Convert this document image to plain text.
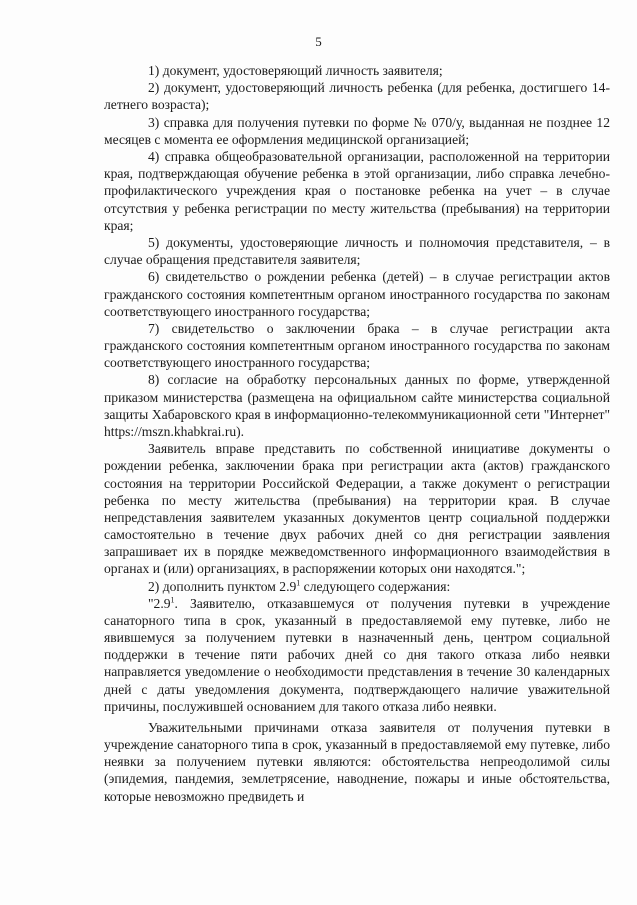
5

1) документ, удостоверяющий личность заявителя;

2) документ, удостоверяющий личность ребенка (для ребенка, достигшего 14-летнего возраста);

3) справка для получения путевки по форме № 070/у, выданная не позднее 12 месяцев с момента ее оформления медицинской организацией;

4) справка общеобразовательной организации, расположенной на территории края, подтверждающая обучение ребенка в этой организации, либо справка лечебно-профилактического учреждения края о постановке ребенка на учет – в случае отсутствия у ребенка регистрации по месту жительства (пребывания) на территории края;

5) документы, удостоверяющие личность и полномочия представителя, – в случае обращения представителя заявителя;

6) свидетельство о рождении ребенка (детей) – в случае регистрации актов гражданского состояния компетентным органом иностранного государства по законам соответствующего иностранного государства;

7) свидетельство о заключении брака – в случае регистрации акта гражданского состояния компетентным органом иностранного государства по законам соответствующего иностранного государства;

8) согласие на обработку персональных данных по форме, утвержденной приказом министерства (размещена на официальном сайте министерства социальной защиты Хабаровского края в информационно-телекоммуникационной сети "Интернет" https://mszn.khabkrai.ru).

Заявитель вправе представить по собственной инициативе документы о рождении ребенка, заключении брака при регистрации акта (актов) гражданского состояния на территории Российской Федерации, а также документ о регистрации ребенка по месту жительства (пребывания) на территории края. В случае непредставления заявителем указанных документов центр социальной поддержки самостоятельно в течение двух рабочих дней со дня регистрации заявления запрашивает их в порядке межведомственного информационного взаимодействия в органах и (или) организациях, в распоряжении которых они находятся.";

2) дополнить пунктом $2.9^1$ следующего содержания:

"$2.9^1$. Заявителю, отказавшемуся от получения путевки в учреждение санаторного типа в срок, указанный в предоставляемой ему путевке, либо не явившемуся за получением путевки в назначенный день, центром социальной поддержки в течение пяти рабочих дней со дня такого отказа либо неявки направляется уведомление о необходимости представления в течение 30 календарных дней с даты уведомления документа, подтверждающего наличие уважительной причины, послужившей основанием для такого отказа либо неявки.

Уважительными причинами отказа заявителя от получения путевки в учреждение санаторного типа в срок, указанный в предоставляемой ему путевке, либо неявки за получением путевки являются: обстоятельства непреодолимой силы (эпидемия, пандемия, землетрясение, наводнение, пожары и иные обстоятельства, которые невозможно предвидеть и
